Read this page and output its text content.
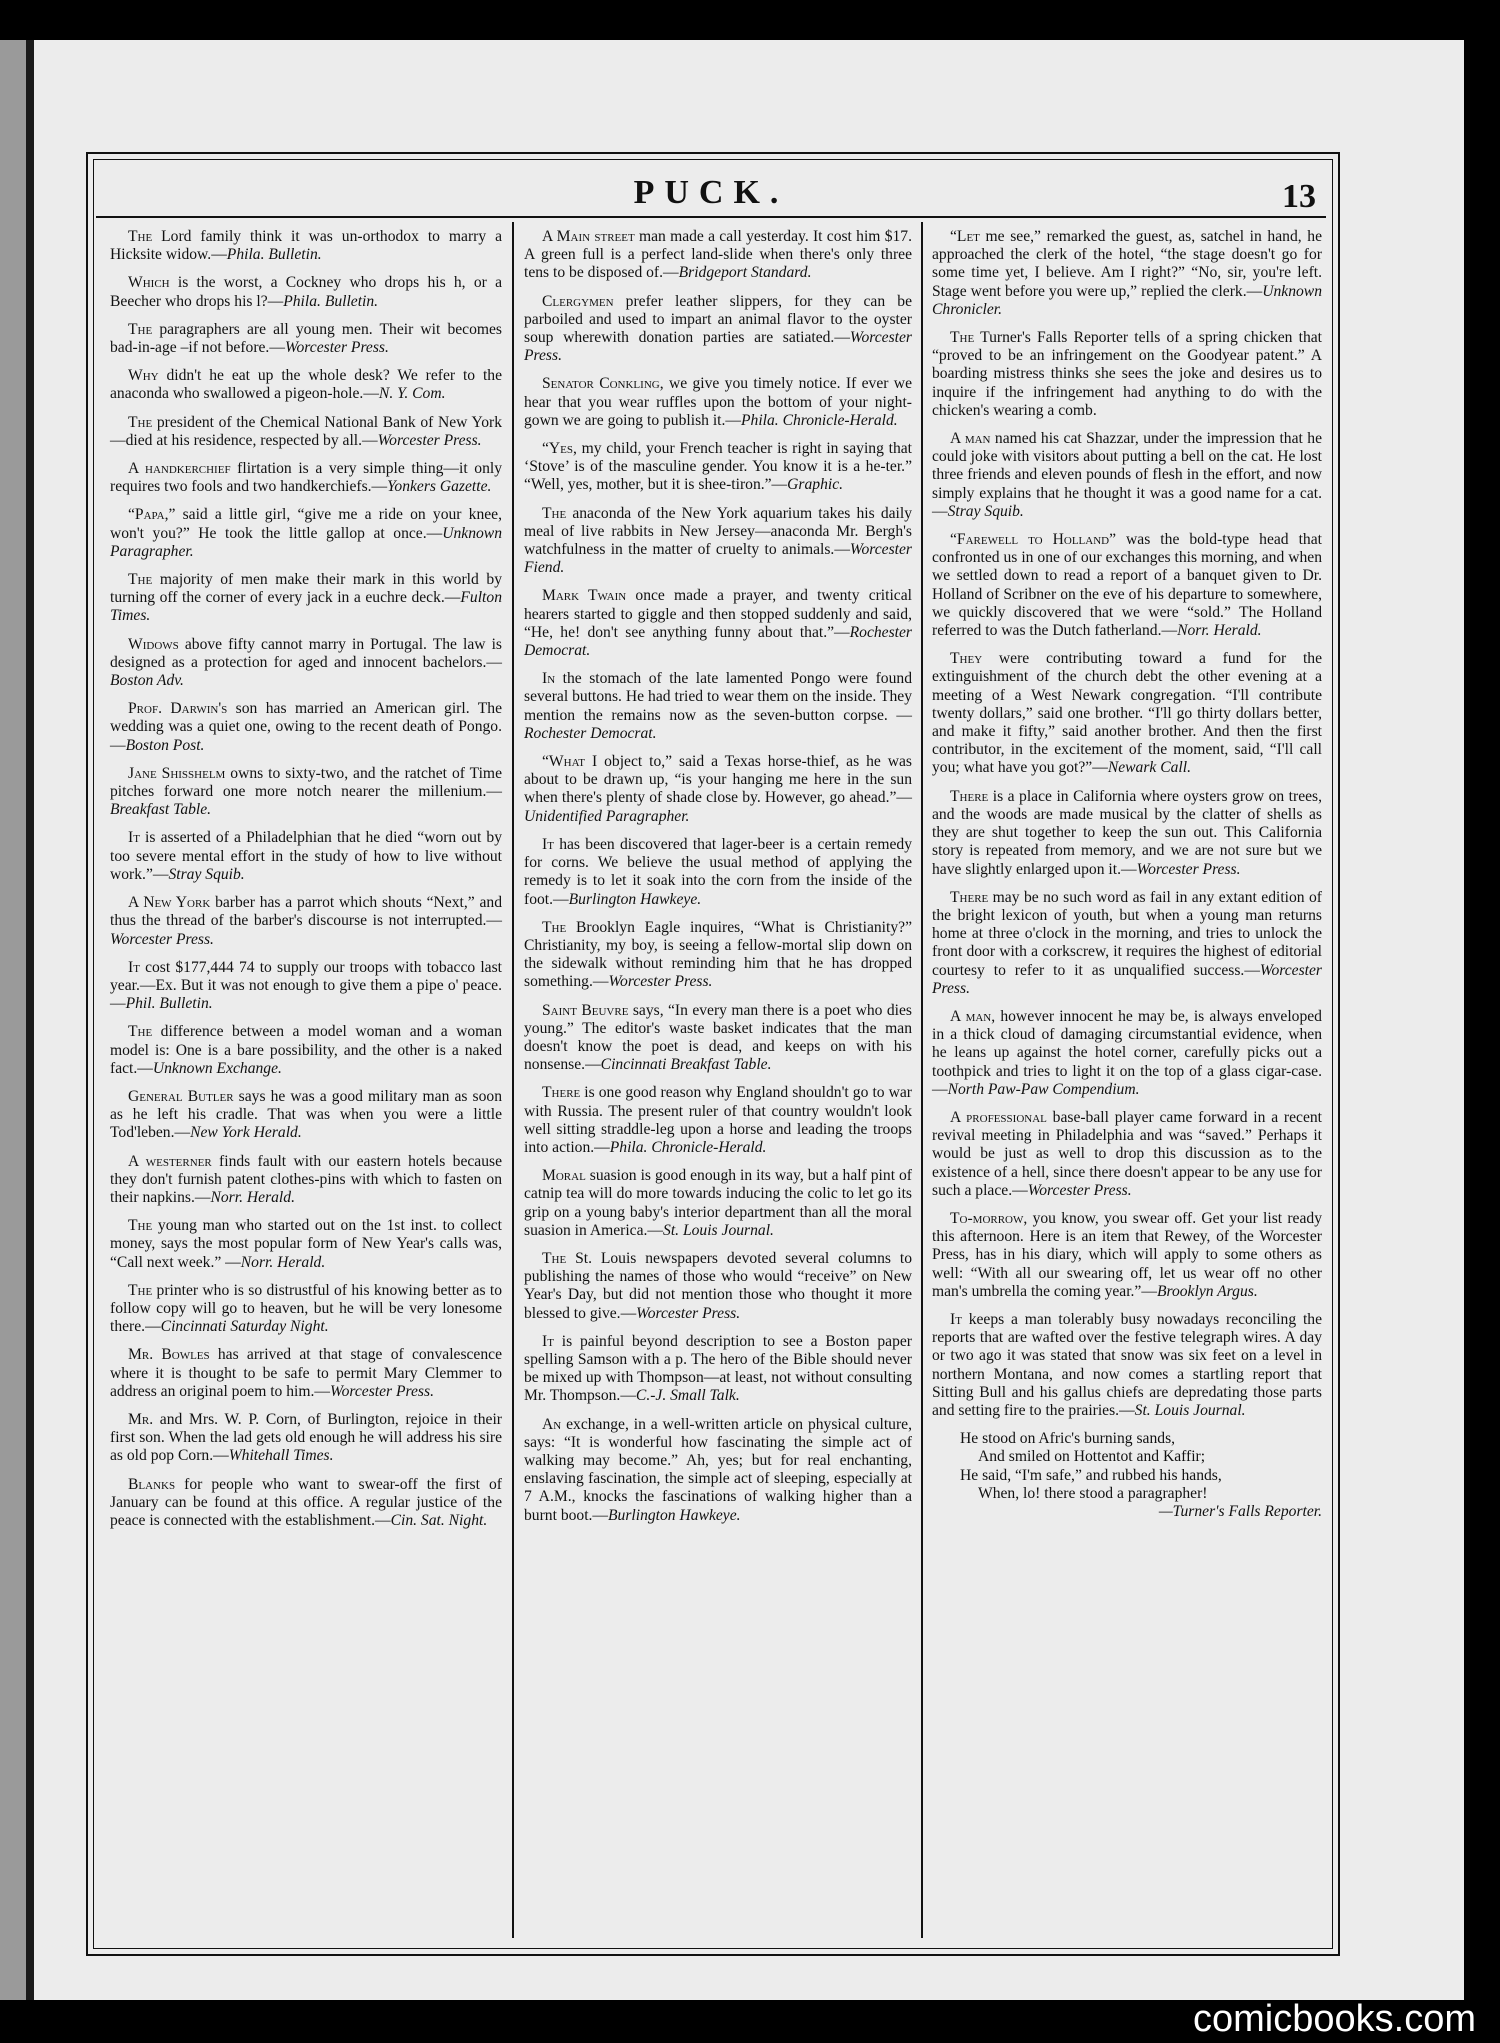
PUCK.	13

The Lord family think it was un-orthodox to marry a Hicksite widow.—Phila. Bulletin.

Which is the worst, a Cockney who drops his h, or a Beecher who drops his l?—Phila. Bulletin.

The paragraphers are all young men. Their wit becomes bad-in-age –if not before.—Worcester Press.

Why didn't he eat up the whole desk? We refer to the anaconda who swallowed a pigeon-hole.—N. Y. Com.

The president of the Chemical National Bank of New York—died at his residence, respected by all.—Worcester Press.

A handkerchief flirtation is a very simple thing—it only requires two fools and two handkerchiefs.—Yonkers Gazette.

“Papa,” said a little girl, “give me a ride on your knee, won't you?” He took the little gallop at once.—Unknown Paragrapher.

The majority of men make their mark in this world by turning off the corner of every jack in a euchre deck.—Fulton Times.

Widows above fifty cannot marry in Portugal. The law is designed as a protection for aged and innocent bachelors.—Boston Adv.

Prof. Darwin's son has married an American girl. The wedding was a quiet one, owing to the recent death of Pongo.—Boston Post.

Jane Shisshelm owns to sixty-two, and the ratchet of Time pitches forward one more notch nearer the millenium.—Breakfast Table.

It is asserted of a Philadelphian that he died “worn out by too severe mental effort in the study of how to live without work.”—Stray Squib.

A New York barber has a parrot which shouts “Next,” and thus the thread of the barber's discourse is not interrupted.—Worcester Press.

It cost $177,444 74 to supply our troops with tobacco last year.—Ex. But it was not enough to give them a pipe o' peace.—Phil. Bulletin.

The difference between a model woman and a woman model is: One is a bare possibility, and the other is a naked fact.—Unknown Exchange.

General Butler says he was a good military man as soon as he left his cradle. That was when you were a little Tod'leben.—New York Herald.

A westerner finds fault with our eastern hotels because they don't furnish patent clothes-pins with which to fasten on their napkins.—Norr. Herald.

The young man who started out on the 1st inst. to collect money, says the most popular form of New Year's calls was, “Call next week.” —Norr. Herald.

The printer who is so distrustful of his knowing better as to follow copy will go to heaven, but he will be very lonesome there.—Cincinnati Saturday Night.

Mr. Bowles has arrived at that stage of convalescence where it is thought to be safe to permit Mary Clemmer to address an original poem to him.—Worcester Press.

Mr. and Mrs. W. P. Corn, of Burlington, rejoice in their first son. When the lad gets old enough he will address his sire as old pop Corn.—Whitehall Times.

Blanks for people who want to swear-off the first of January can be found at this office. A regular justice of the peace is connected with the establishment.—Cin. Sat. Night.

A Main street man made a call yesterday. It cost him $17. A green full is a perfect land-slide when there's only three tens to be disposed of.—Bridgeport Standard.

Clergymen prefer leather slippers, for they can be parboiled and used to impart an animal flavor to the oyster soup wherewith donation parties are satiated.—Worcester Press.

Senator Conkling, we give you timely notice. If ever we hear that you wear ruffles upon the bottom of your night-gown we are going to publish it.—Phila. Chronicle-Herald.

“Yes, my child, your French teacher is right in saying that ‘Stove’ is of the masculine gender. You know it is a he-ter.” “Well, yes, mother, but it is shee-tiron.”—Graphic.

The anaconda of the New York aquarium takes his daily meal of live rabbits in New Jersey—anaconda Mr. Bergh's watchfulness in the matter of cruelty to animals.—Worcester Fiend.

Mark Twain once made a prayer, and twenty critical hearers started to giggle and then stopped suddenly and said, “He, he! don't see anything funny about that.”—Rochester Democrat.

In the stomach of the late lamented Pongo were found several buttons. He had tried to wear them on the inside. They mention the remains now as the seven-button corpse. —Rochester Democrat.

“What I object to,” said a Texas horse-thief, as he was about to be drawn up, “is your hanging me here in the sun when there's plenty of shade close by. However, go ahead.”—Unidentified Paragrapher.

It has been discovered that lager-beer is a certain remedy for corns. We believe the usual method of applying the remedy is to let it soak into the corn from the inside of the foot.—Burlington Hawkeye.

The Brooklyn Eagle inquires, “What is Christianity?” Christianity, my boy, is seeing a fellow-mortal slip down on the sidewalk without reminding him that he has dropped something.—Worcester Press.

Saint Beuvre says, “In every man there is a poet who dies young.” The editor's waste basket indicates that the man doesn't know the poet is dead, and keeps on with his nonsense.—Cincinnati Breakfast Table.

There is one good reason why England shouldn't go to war with Russia. The present ruler of that country wouldn't look well sitting straddle-leg upon a horse and leading the troops into action.—Phila. Chronicle-Herald.

Moral suasion is good enough in its way, but a half pint of catnip tea will do more towards inducing the colic to let go its grip on a young baby's interior department than all the moral suasion in America.—St. Louis Journal.

The St. Louis newspapers devoted several columns to publishing the names of those who would “receive” on New Year's Day, but did not mention those who thought it more blessed to give.—Worcester Press.

It is painful beyond description to see a Boston paper spelling Samson with a p. The hero of the Bible should never be mixed up with Thompson—at least, not without consulting Mr. Thompson.—C.-J. Small Talk.

An exchange, in a well-written article on physical culture, says: “It is wonderful how fascinating the simple act of walking may become.” Ah, yes; but for real enchanting, enslaving fascination, the simple act of sleeping, especially at 7 A.M., knocks the fascinations of walking higher than a burnt boot.—Burlington Hawkeye.

“Let me see,” remarked the guest, as, satchel in hand, he approached the clerk of the hotel, “the stage doesn't go for some time yet, I believe. Am I right?” “No, sir, you're left. Stage went before you were up,” replied the clerk.—Unknown Chronicler.

The Turner's Falls Reporter tells of a spring chicken that “proved to be an infringement on the Goodyear patent.” A boarding mistress thinks she sees the joke and desires us to inquire if the infringement had anything to do with the chicken's wearing a comb.

A man named his cat Shazzar, under the impression that he could joke with visitors about putting a bell on the cat. He lost three friends and eleven pounds of flesh in the effort, and now simply explains that he thought it was a good name for a cat.—Stray Squib.

“Farewell to Holland” was the bold-type head that confronted us in one of our exchanges this morning, and when we settled down to read a report of a banquet given to Dr. Holland of Scribner on the eve of his departure to somewhere, we quickly discovered that we were “sold.” The Holland referred to was the Dutch fatherland.—Norr. Herald.

They were contributing toward a fund for the extinguishment of the church debt the other evening at a meeting of a West Newark congregation. “I'll contribute twenty dollars,” said one brother. “I'll go thirty dollars better, and make it fifty,” said another brother. And then the first contributor, in the excitement of the moment, said, “I'll call you; what have you got?”—Newark Call.

There is a place in California where oysters grow on trees, and the woods are made musical by the clatter of shells as they are shut together to keep the sun out. This California story is repeated from memory, and we are not sure but we have slightly enlarged upon it.—Worcester Press.

There may be no such word as fail in any extant edition of the bright lexicon of youth, but when a young man returns home at three o'clock in the morning, and tries to unlock the front door with a corkscrew, it requires the highest of editorial courtesy to refer to it as unqualified success.—Worcester Press.

A man, however innocent he may be, is always enveloped in a thick cloud of damaging circumstantial evidence, when he leans up against the hotel corner, carefully picks out a toothpick and tries to light it on the top of a glass cigar-case.—North Paw-Paw Compendium.

A professional base-ball player came forward in a recent revival meeting in Philadelphia and was “saved.” Perhaps it would be just as well to drop this discussion as to the existence of a hell, since there doesn't appear to be any use for such a place.—Worcester Press.

To-morrow, you know, you swear off. Get your list ready this afternoon. Here is an item that Rewey, of the Worcester Press, has in his diary, which will apply to some others as well: “With all our swearing off, let us wear off no other man's umbrella the coming year.”—Brooklyn Argus.

It keeps a man tolerably busy nowadays reconciling the reports that are wafted over the festive telegraph wires. A day or two ago it was stated that snow was six feet on a level in northern Montana, and now comes a startling report that Sitting Bull and his gallus chiefs are depredating those parts and setting fire to the prairies.—St. Louis Journal.

He stood on Afric's burning sands,
And smiled on Hottentot and Kaffir;
He said, “I'm safe,” and rubbed his hands,
When, lo! there stood a paragrapher!
—Turner's Falls Reporter.
comicbooks.com
